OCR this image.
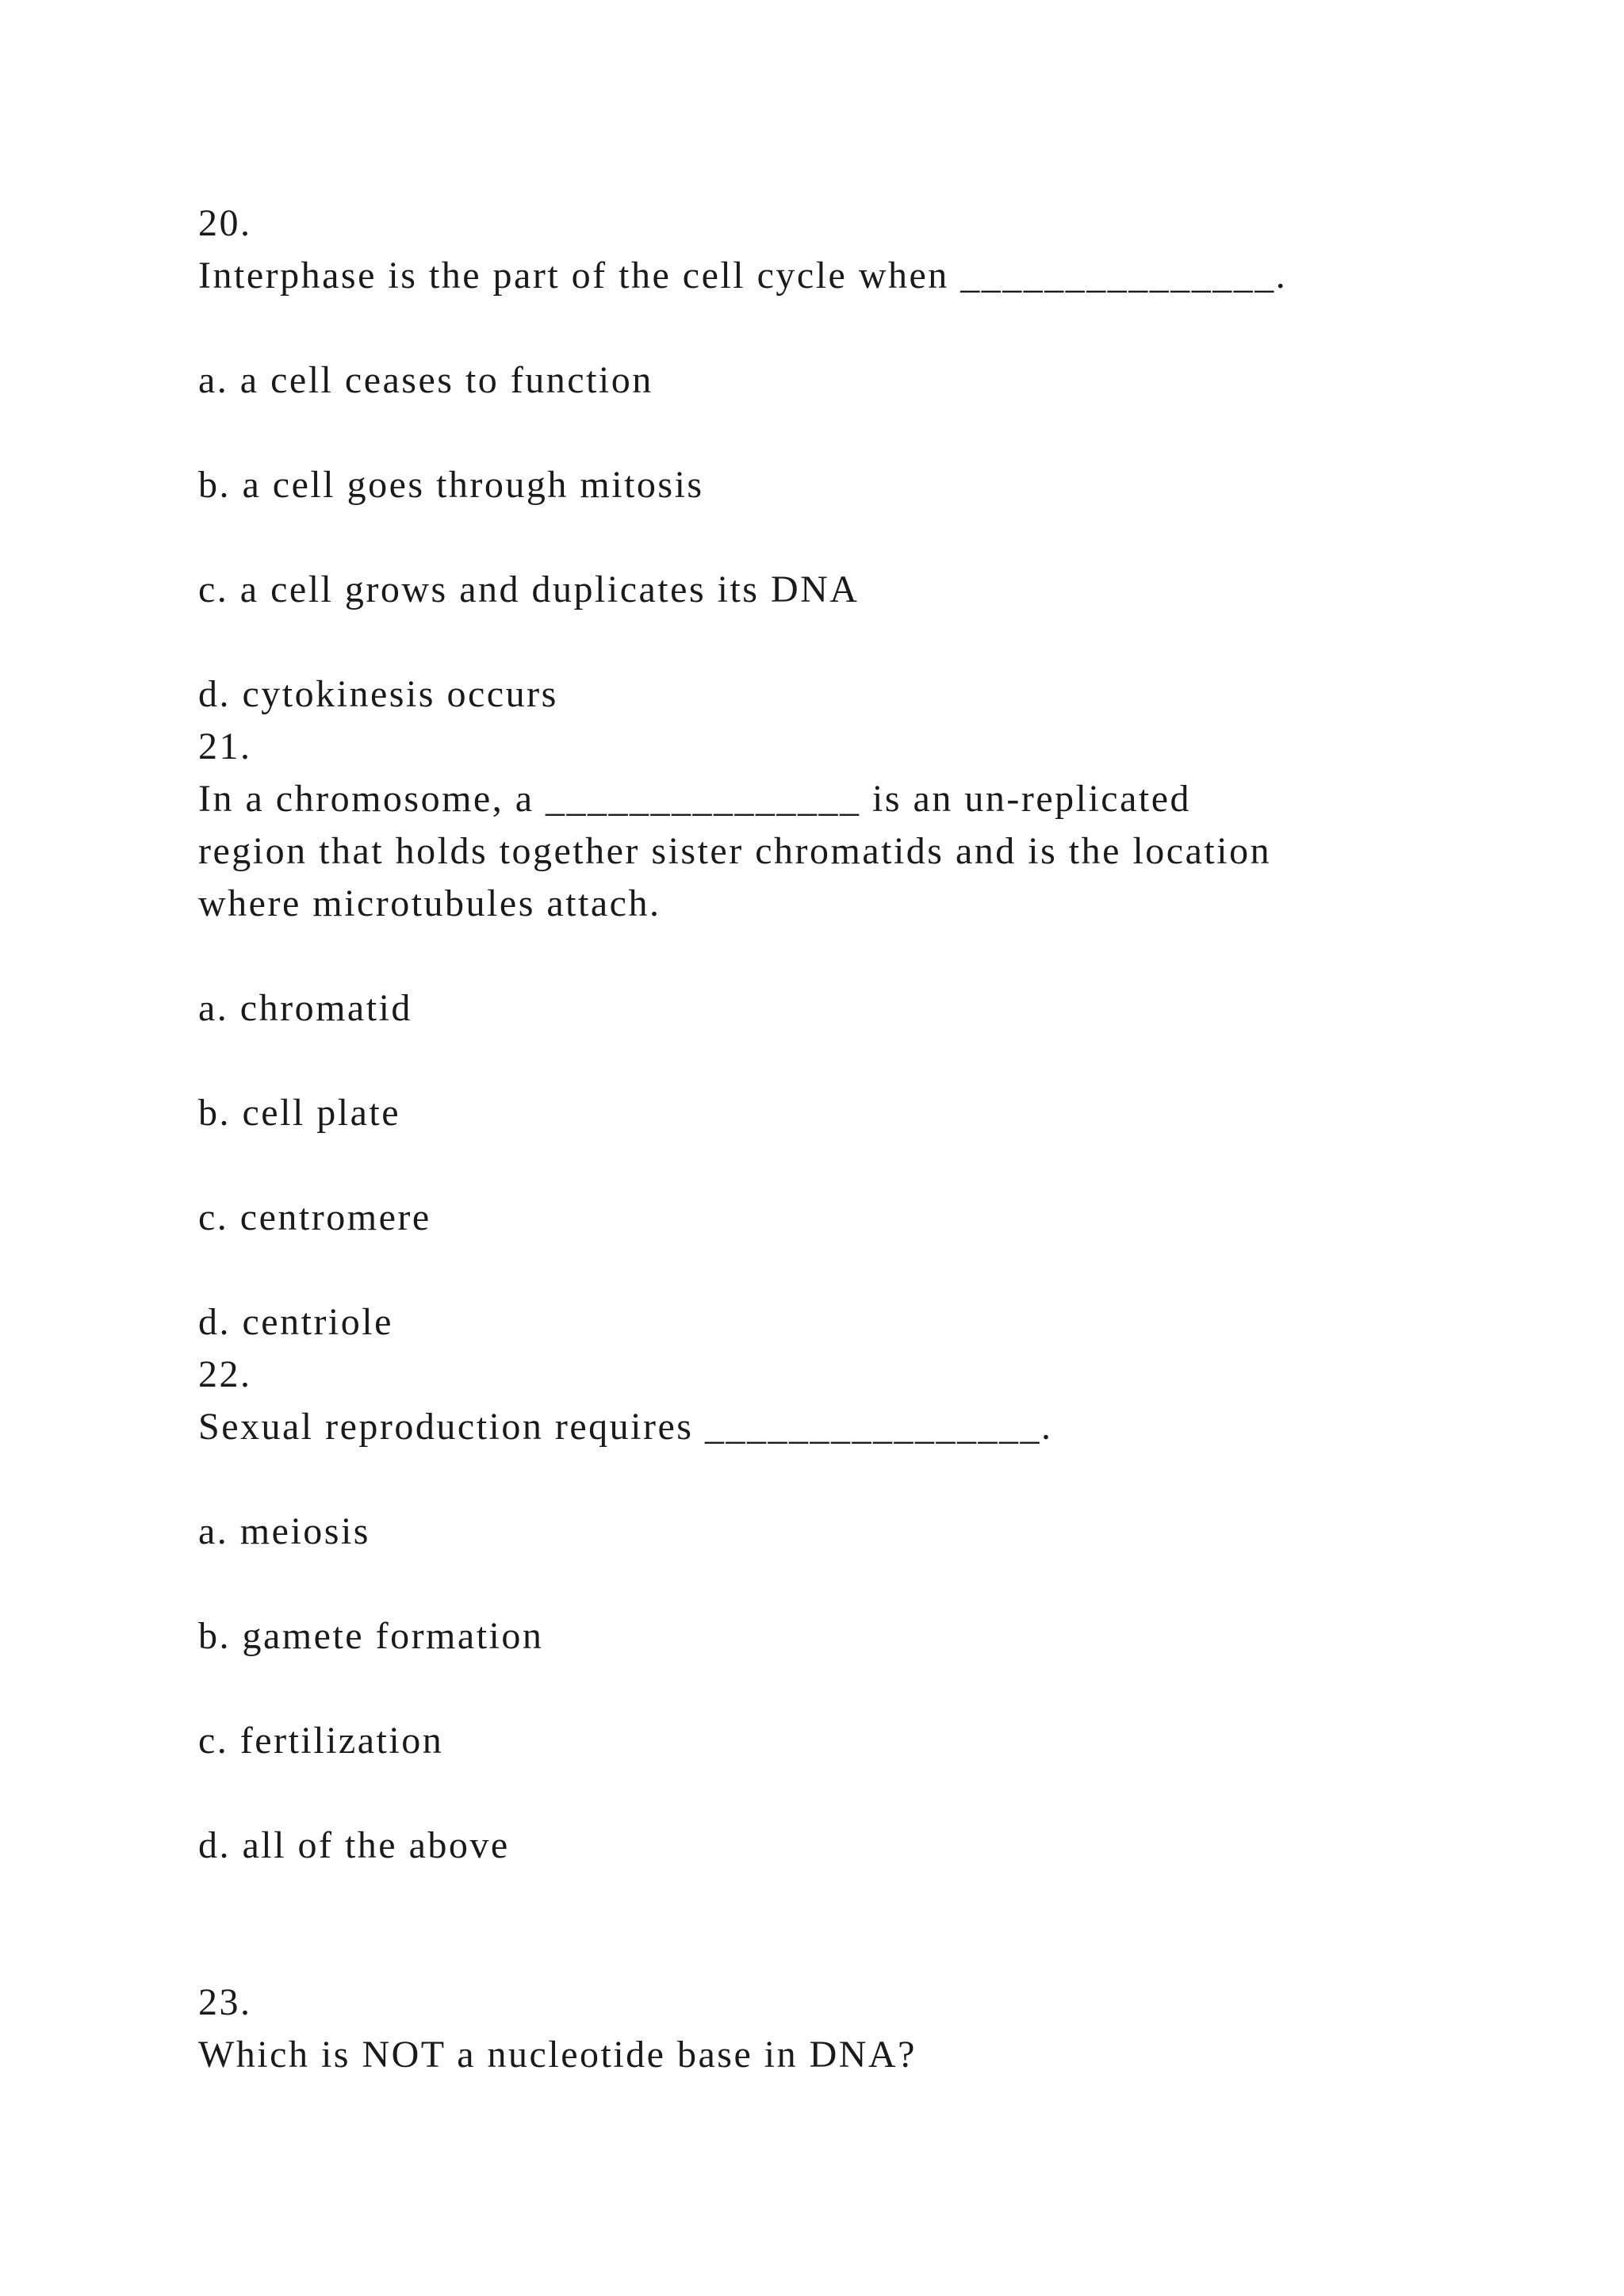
20.
Interphase is the part of the cell cycle when _______________.
a. a cell ceases to function
b. a cell goes through mitosis
c. a cell grows and duplicates its DNA
d. cytokinesis occurs
21.
In a chromosome, a _______________ is an un-replicated
region that holds together sister chromatids and is the location
where microtubules attach.
a. chromatid
b. cell plate
c. centromere
d. centriole
22.
Sexual reproduction requires ________________.
a. meiosis
b. gamete formation
c. fertilization
d. all of the above
23.
Which is NOT a nucleotide base in DNA?
